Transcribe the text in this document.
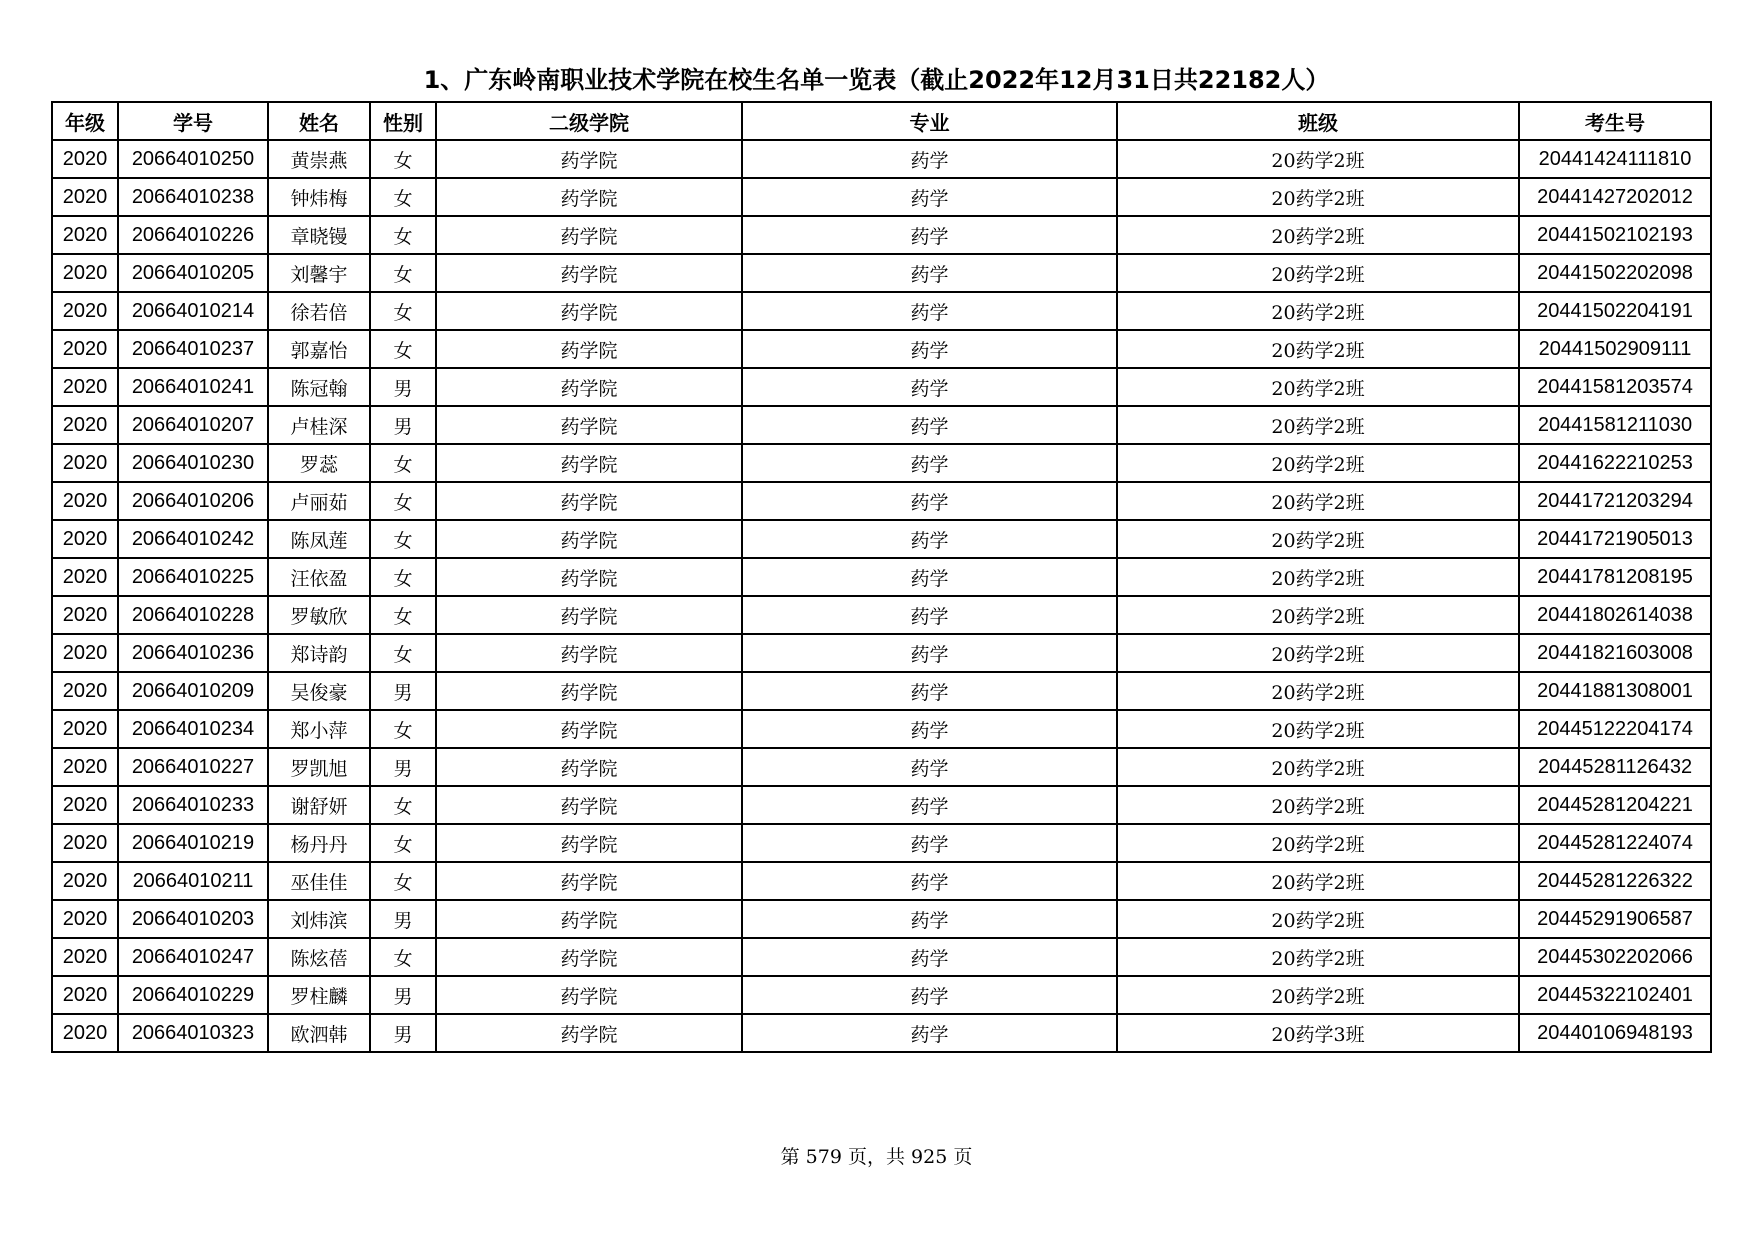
1、广东岭南职业技术学院在校生名单一览表（截止2022年12月31日共22182人）
年级	学号	姓名	性别	二级学院	专业	班级	考生号
2020	20664010250	黄崇燕	女	药学院	药学	20药学2班	20441424111810
2020	20664010238	钟炜梅	女	药学院	药学	20药学2班	20441427202012
2020	20664010226	章晓镘	女	药学院	药学	20药学2班	20441502102193
2020	20664010205	刘馨宇	女	药学院	药学	20药学2班	20441502202098
2020	20664010214	徐若倍	女	药学院	药学	20药学2班	20441502204191
2020	20664010237	郭嘉怡	女	药学院	药学	20药学2班	20441502909111
2020	20664010241	陈冠翰	男	药学院	药学	20药学2班	20441581203574
2020	20664010207	卢桂深	男	药学院	药学	20药学2班	20441581211030
2020	20664010230	罗蕊	女	药学院	药学	20药学2班	20441622210253
2020	20664010206	卢丽茹	女	药学院	药学	20药学2班	20441721203294
2020	20664010242	陈凤莲	女	药学院	药学	20药学2班	20441721905013
2020	20664010225	汪依盈	女	药学院	药学	20药学2班	20441781208195
2020	20664010228	罗敏欣	女	药学院	药学	20药学2班	20441802614038
2020	20664010236	郑诗韵	女	药学院	药学	20药学2班	20441821603008
2020	20664010209	吴俊豪	男	药学院	药学	20药学2班	20441881308001
2020	20664010234	郑小萍	女	药学院	药学	20药学2班	20445122204174
2020	20664010227	罗凯旭	男	药学院	药学	20药学2班	20445281126432
2020	20664010233	谢舒妍	女	药学院	药学	20药学2班	20445281204221
2020	20664010219	杨丹丹	女	药学院	药学	20药学2班	20445281224074
2020	20664010211	巫佳佳	女	药学院	药学	20药学2班	20445281226322
2020	20664010203	刘炜滨	男	药学院	药学	20药学2班	20445291906587
2020	20664010247	陈炫蓓	女	药学院	药学	20药学2班	20445302202066
2020	20664010229	罗柱麟	男	药学院	药学	20药学2班	20445322102401
2020	20664010323	欧泗韩	男	药学院	药学	20药学3班	20440106948193
第 579 页，共 925 页
